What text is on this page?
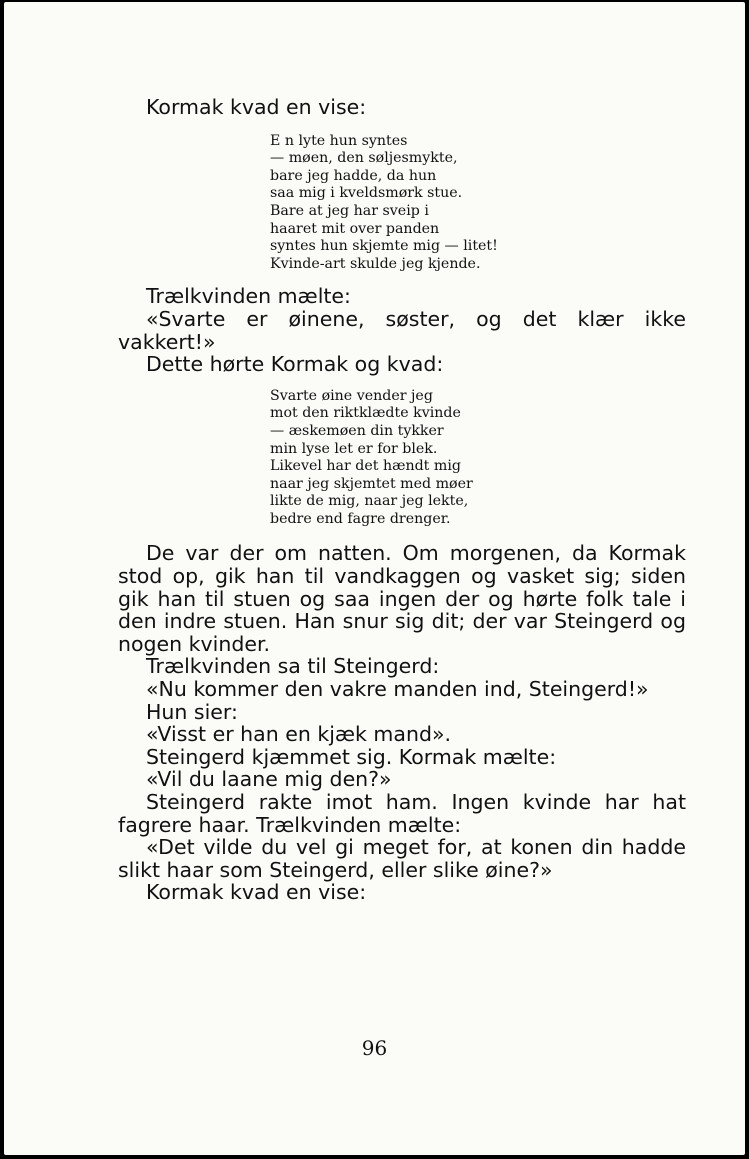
Kormak kvad en vise:

E n lyte hun syntes
— møen, den søljesmykte,
bare jeg hadde, da hun
saa mig i kveldsmørk stue.
Bare at jeg har sveip i
haaret mit over panden
syntes hun skjemte mig — litet!
Kvinde-art skulde jeg kjende.

Trælkvinden mælte:

«Svarte er øinene, søster, og det klær ikke vakkert!»

Dette hørte Kormak og kvad:

Svarte øine vender jeg
mot den riktklædte kvinde
— æskemøen din tykker
min lyse let er for blek.
Likevel har det hændt mig
naar jeg skjemtet med møer
likte de mig, naar jeg lekte,
bedre end fagre drenger.

De var der om natten. Om morgenen, da Kormak stod op, gik han til vandkaggen og vasket sig; siden gik han til stuen og saa ingen der og hørte folk tale i den indre stuen. Han snur sig dit; der var Steingerd og nogen kvinder.

Trælkvinden sa til Steingerd:

«Nu kommer den vakre manden ind, Steingerd!»

Hun sier:

«Visst er han en kjæk mand».

Steingerd kjæmmet sig. Kormak mælte:

«Vil du laane mig den?»

Steingerd rakte imot ham. Ingen kvinde har hat fagrere haar. Trælkvinden mælte:

«Det vilde du vel gi meget for, at konen din hadde slikt haar som Steingerd, eller slike øine?»

Kormak kvad en vise:

96
